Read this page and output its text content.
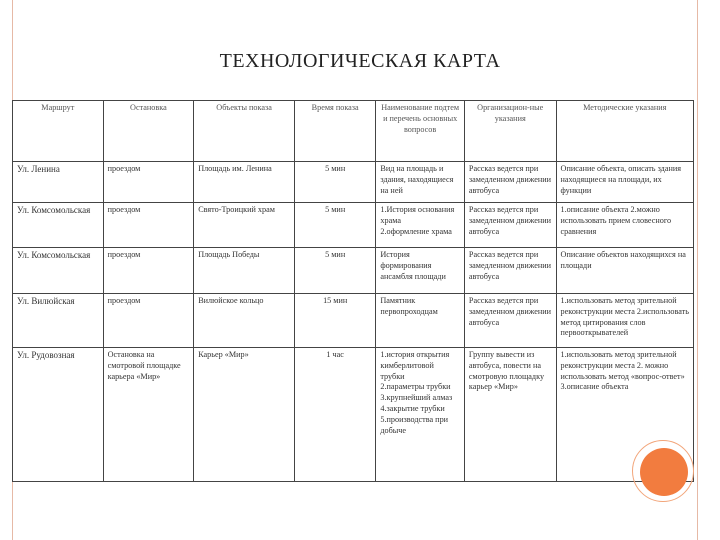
ТЕХНОЛОГИЧЕСКАЯ КАРТА
Маршрут	Остановка	Объекты показа	Время показа	Наименование подтем и перечень основных вопросов	Организацион-ные указания	Методические указания
Ул. Ленина	проездом	Площадь им. Ленина	5 мин	Вид на площадь и здания, находящиеся на ней	Рассказ ведется при замедленном движении автобуса	Описание объекта, описать здания находящиеся на площади, их функции

Ул. Комсомольская	проездом	Свято-Троицкий храм	5 мин	1.История основания храма
2.оформление храма	Рассказ ведется при замедленном движении автобуса	1.описание объекта 2.можно использовать прием словесного сравнения

Ул. Комсомольская	проездом	Площадь Победы	5 мин	История формирования ансамбля площади	Рассказ ведется при замедленном движении автобуса	Описание объектов находящихся на площади

Ул. Вилюйская	проездом	Вилюйское кольцо	15 мин	Памятник первопроходцам	Рассказ ведется при замедленном движении автобуса	1.использовать метод зрительной реконструкции места 2.использовать метод цитирования слов первооткрывателей

Ул. Рудовозная	Остановка на смотровой площадке карьера «Мир»	Карьер «Мир»	1 час	1.история открытия кимберлитовой трубки
2.параметры трубки
3.крупнейший алмаз
4.закрытие трубки
5.производства при добыче	Группу вывести из автобуса, повести на смотровую площадку карьер «Мир»	1.использовать метод зрительной реконструкции места 2. можно использовать метод «вопрос-ответ»
3.описание объекта
